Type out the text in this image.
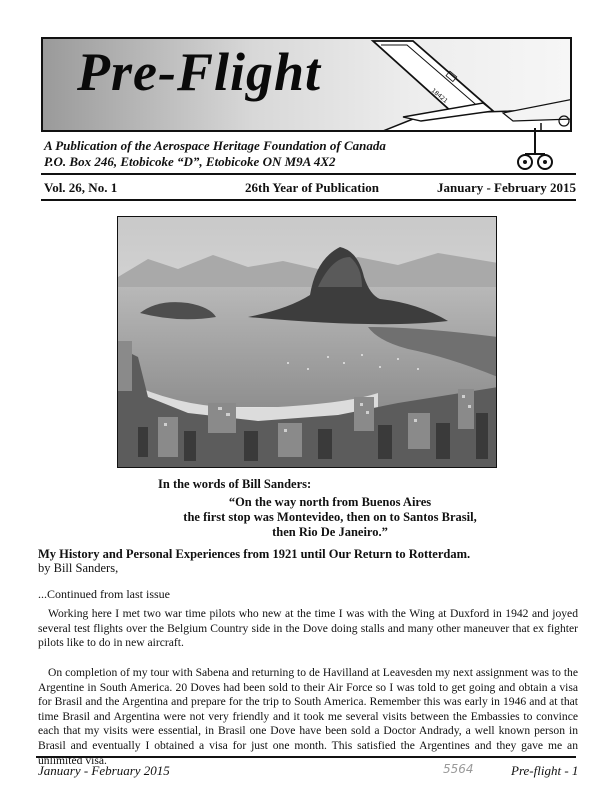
Pre-Flight	18421
A Publication of the Aerospace Heritage Foundation of Canada
P.O. Box 246, Etobicoke “D”, Etobicoke ON M9A 4X2
Vol. 26, No. 1	26th Year of Publication	January - February 2015
In the words of Bill Sanders:
“On the way north from Buenos Aires
the first stop was Montevideo, then on to Santos Brasil,
then Rio De Janeiro.”
My History and Personal Experiences from 1921 until Our Return to Rotterdam.
by Bill Sanders,
...Continued from last issue

Working here I met two war time pilots who new at the time I was with the Wing at Duxford in 1942 and joyed several test flights over the Belgium Country side in the Dove doing stalls and many other maneuver that ex fighter pilots like to do in new aircraft.

On completion of my tour with Sabena and returning to de Havilland at Leavesden my next assignment was to the Argentine in South America. 20 Doves had been sold to their Air Force so I was told to get going and obtain a visa for Brasil and the Argentina and prepare for the trip to South America. Remember this was early in 1946 and at that time Brasil and Argentina were not very friendly and it took me several visits between the Embassies to convince each that my visits were essential, in Brasil one Dove have been sold a Doctor Andrady, a well known person in Brasil and eventually I obtained a visa for just one month. This satisfied the Argentines and they gave me an unlimited visa.

January - February 2015	5564	Pre-flight - 1
